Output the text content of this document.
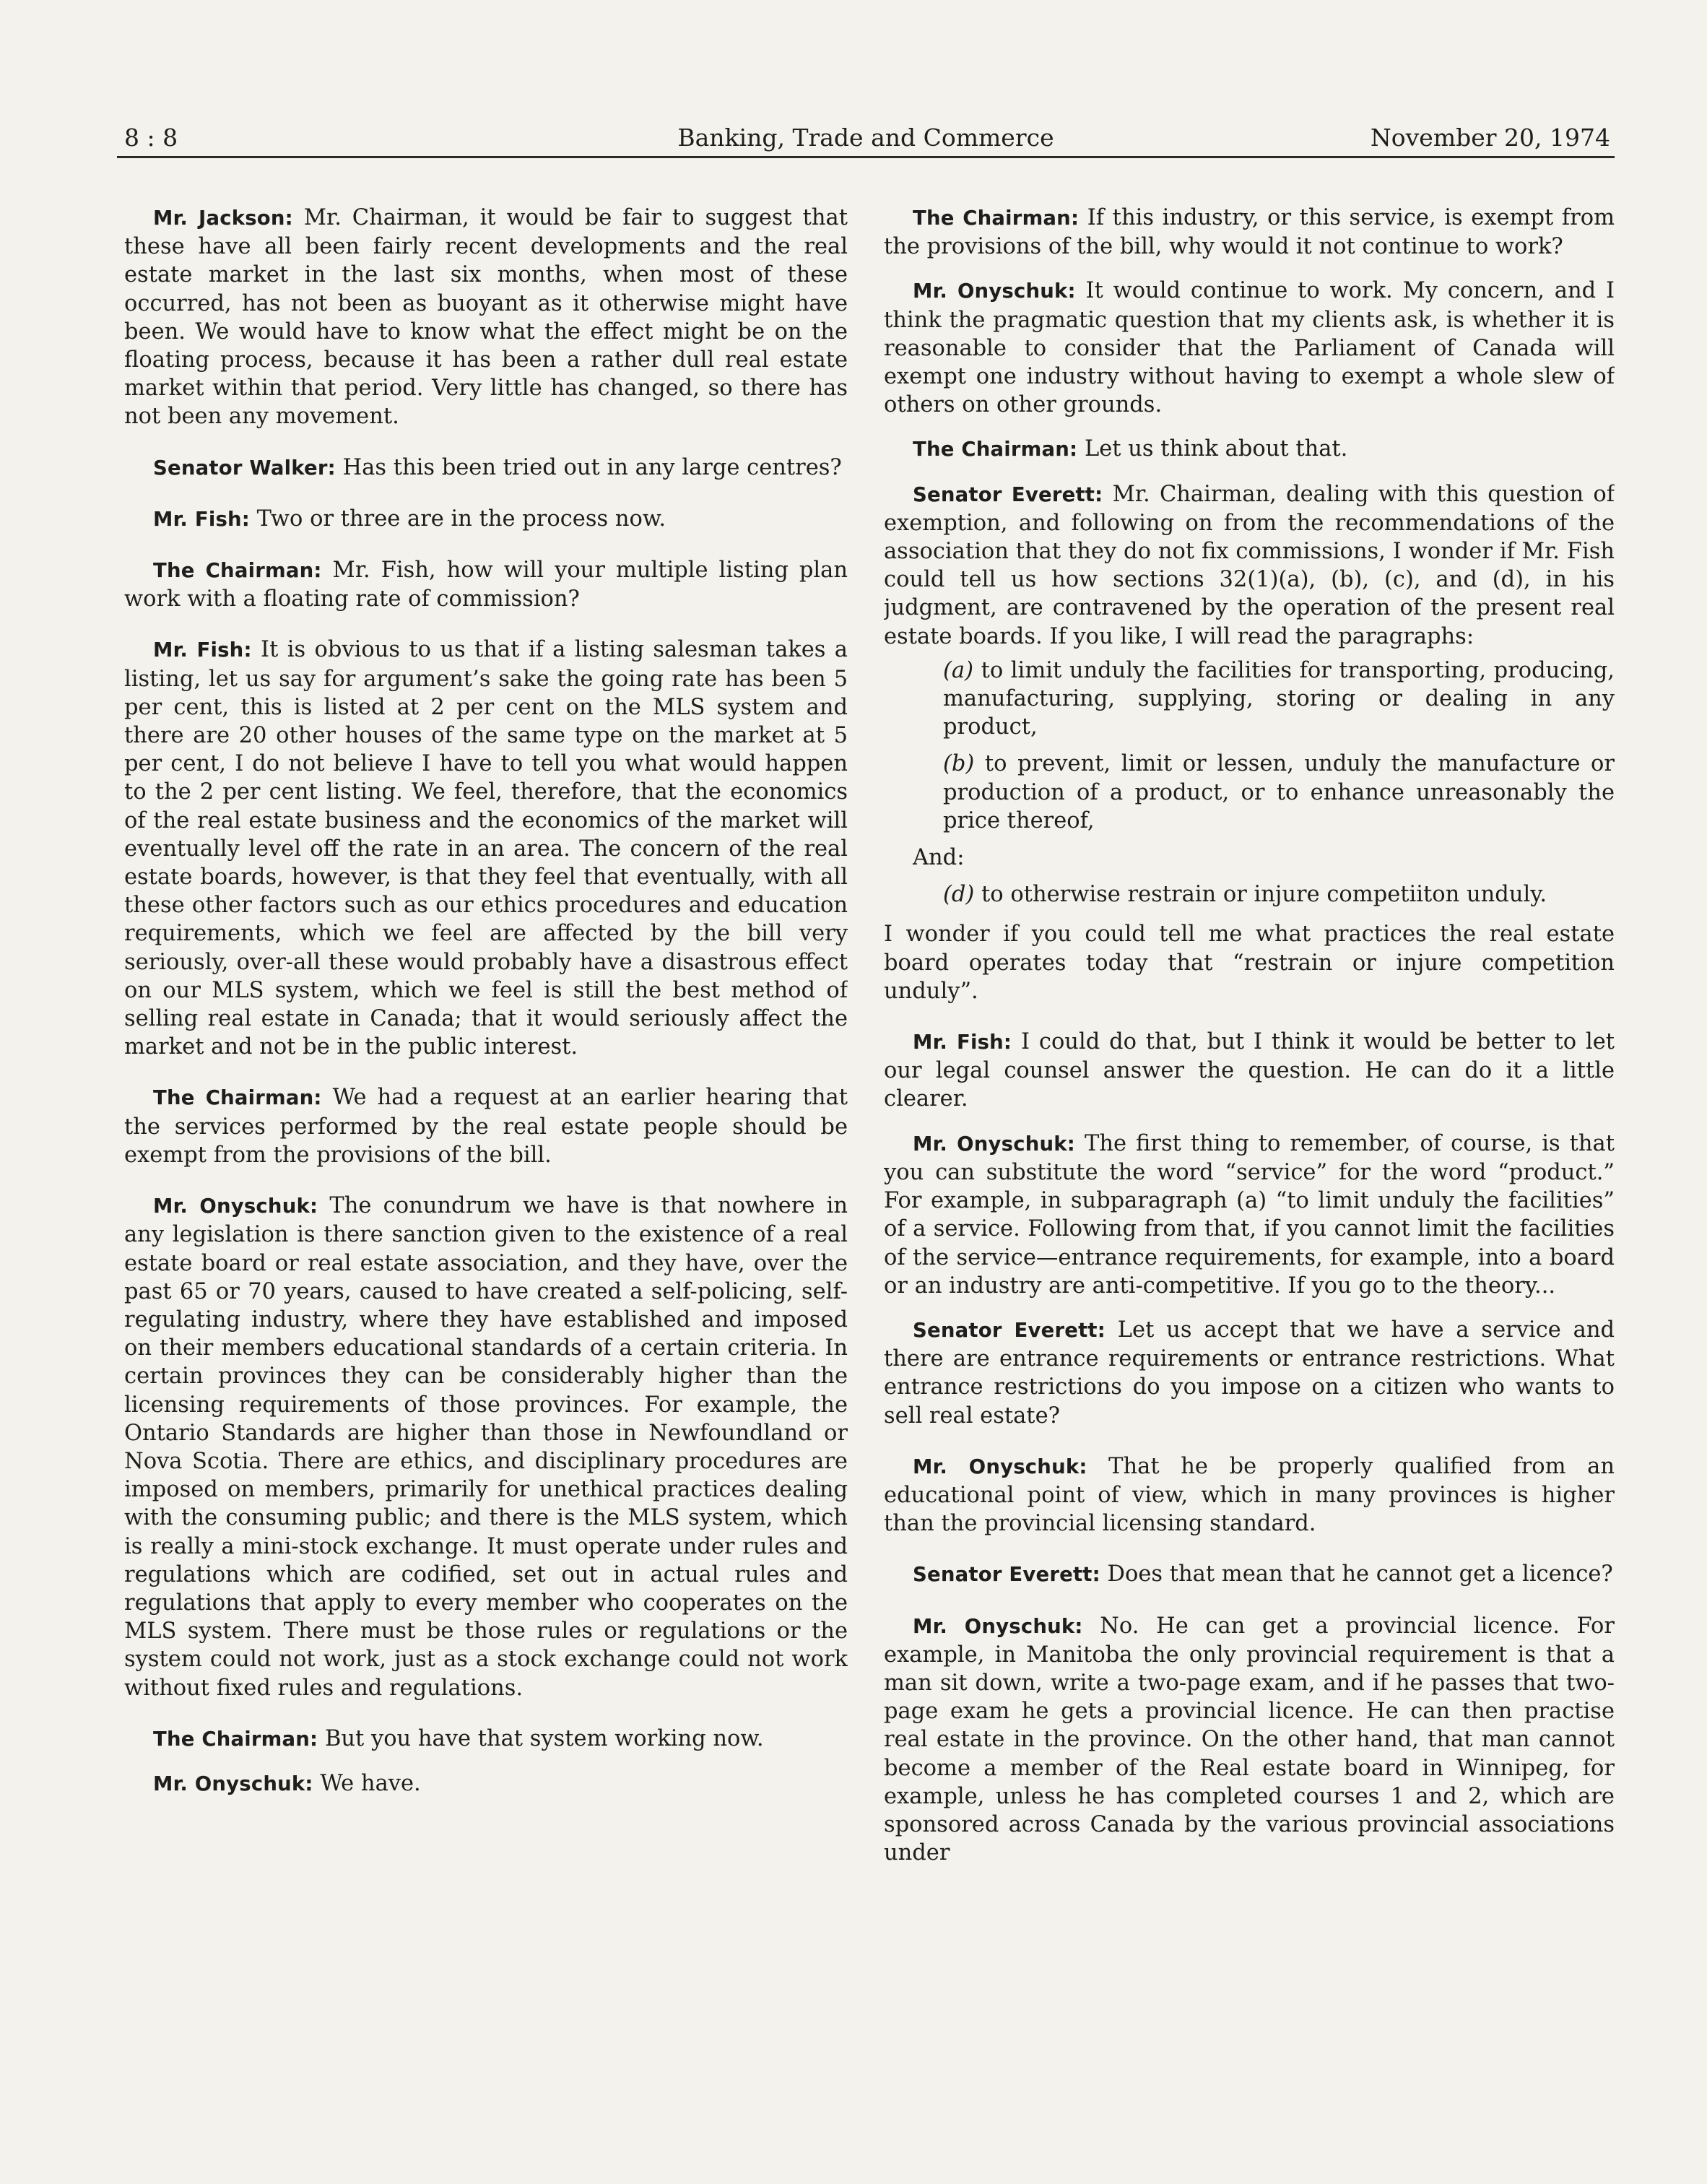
8 : 8	Banking, Trade and Commerce	November 20, 1974

Mr. Jackson: Mr. Chairman, it would be fair to suggest that these have all been fairly recent developments and the real estate market in the last six months, when most of these occurred, has not been as buoyant as it otherwise might have been. We would have to know what the effect might be on the floating process, because it has been a rather dull real estate market within that period. Very little has changed, so there has not been any movement.

Senator Walker: Has this been tried out in any large centres?

Mr. Fish: Two or three are in the process now.

The Chairman: Mr. Fish, how will your multiple listing plan work with a floating rate of commission?

Mr. Fish: It is obvious to us that if a listing salesman takes a listing, let us say for argument’s sake the going rate has been 5 per cent, this is listed at 2 per cent on the MLS system and there are 20 other houses of the same type on the market at 5 per cent, I do not believe I have to tell you what would happen to the 2 per cent listing. We feel, therefore, that the economics of the real estate business and the economics of the market will eventually level off the rate in an area. The concern of the real estate boards, however, is that they feel that eventually, with all these other factors such as our ethics procedures and education requirements, which we feel are affected by the bill very seriously, over-all these would probably have a disastrous effect on our MLS system, which we feel is still the best method of selling real estate in Canada; that it would seriously affect the market and not be in the public interest.

The Chairman: We had a request at an earlier hearing that the services performed by the real estate people should be exempt from the provisions of the bill.

Mr. Onyschuk: The conundrum we have is that nowhere in any legislation is there sanction given to the existence of a real estate board or real estate association, and they have, over the past 65 or 70 years, caused to have created a self-policing, self-regulating industry, where they have established and imposed on their members educational standards of a certain criteria. In certain provinces they can be considerably higher than the licensing requirements of those provinces. For example, the Ontario Standards are higher than those in Newfoundland or Nova Scotia. There are ethics, and disciplinary procedures are imposed on members, primarily for unethical practices dealing with the consuming public; and there is the MLS system, which is really a mini-stock exchange. It must operate under rules and regulations which are codified, set out in actual rules and regulations that apply to every member who cooperates on the MLS system. There must be those rules or regulations or the system could not work, just as a stock exchange could not work without fixed rules and regulations.

The Chairman: But you have that system working now.

Mr. Onyschuk: We have.

The Chairman: If this industry, or this service, is exempt from the provisions of the bill, why would it not continue to work?

Mr. Onyschuk: It would continue to work. My concern, and I think the pragmatic question that my clients ask, is whether it is reasonable to consider that the Parliament of Canada will exempt one industry without having to exempt a whole slew of others on other grounds.

The Chairman: Let us think about that.

Senator Everett: Mr. Chairman, dealing with this question of exemption, and following on from the recommendations of the association that they do not fix commissions, I wonder if Mr. Fish could tell us how sections 32(1)(a), (b), (c), and (d), in his judgment, are contravened by the operation of the present real estate boards. If you like, I will read the paragraphs:

(a) to limit unduly the facilities for transporting, producing, manufacturing, supplying, storing or dealing in any product,

(b) to prevent, limit or lessen, unduly the manufacture or production of a product, or to enhance unreasonably the price thereof,

And:

(d) to otherwise restrain or injure competiiton unduly.

I wonder if you could tell me what practices the real estate board operates today that “restrain or injure competition unduly”.

Mr. Fish: I could do that, but I think it would be better to let our legal counsel answer the question. He can do it a little clearer.

Mr. Onyschuk: The first thing to remember, of course, is that you can substitute the word “service” for the word “product.” For example, in subparagraph (a) “to limit unduly the facilities” of a service. Following from that, if you cannot limit the facilities of the service—entrance requirements, for example, into a board or an industry are anti-competitive. If you go to the theory...

Senator Everett: Let us accept that we have a service and there are entrance requirements or entrance restrictions. What entrance restrictions do you impose on a citizen who wants to sell real estate?

Mr. Onyschuk: That he be properly qualified from an educational point of view, which in many provinces is higher than the provincial licensing standard.

Senator Everett: Does that mean that he cannot get a licence?

Mr. Onyschuk: No. He can get a provincial licence. For example, in Manitoba the only provincial requirement is that a man sit down, write a two-page exam, and if he passes that two-page exam he gets a provincial licence. He can then practise real estate in the province. On the other hand, that man cannot become a member of the Real estate board in Winnipeg, for example, unless he has completed courses 1 and 2, which are sponsored across Canada by the various provincial associations under
